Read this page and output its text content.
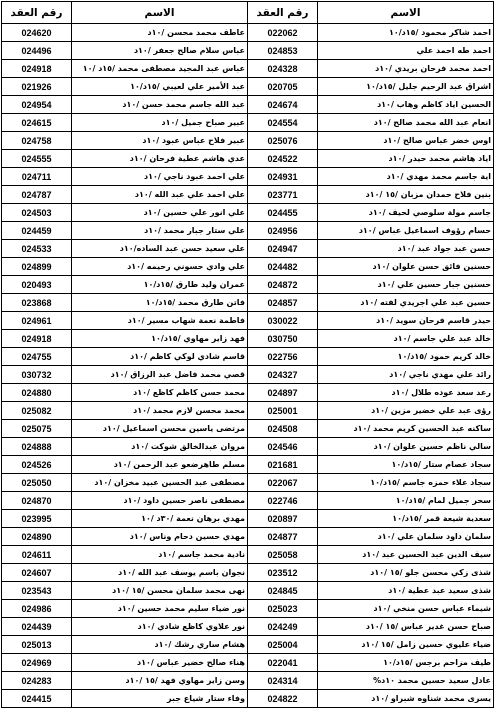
رقم العقد	الاسم	رقم العقد	الاسم
024620	عاطف محمد محسن /١٠د	022062	احمد شاكر محمود /١٥د/١٠
024496	عباس سلام صالح جعفر /١٠د	024853	احمد طه احمد علي
024918	عباس عبد المجيد مصطفى محمد /١٥د /١٠	024328	احمد محمد فرحان بريدي /١٠د
021926	عبد الأمير علي لعيبي /١٥د/١٠	020705	اشراق عبد الرحيم جليل /١٥د/١٠
024954	عبد الله جاسم محمد حسن /١٠د	024674	الحسين اياد كاظم وهاب /١٠د
024615	عبير صباح جميل /١٠د	024554	انعام عبد الله محمد صالح /١٠د
024758	عبير فلاح عباس عبود /١٠د	025076	اوس خضر عباس صالح /١٠د
024555	عدي هاشم عطية فرحان /١٠د	024522	اياد هاشم محمد حيدر /١٠د
024711	علي احمد عبود ناجي /١٠د	024931	اية جاسم محمد مهدي /١٠د
024787	علي احمد علي عبد الله /١٠د	023771	بنين فلاح حمدان مزبان /١٥ /١٠د
024503	علي انور علي حسين /١٠د	024455	جاسم مولة سلوصي لحيف /١٠د
024459	علي ستار جبار محمد /١٠د	024956	حسام رؤوف اسماعيل عباس /١٠د
024533	علي سعيد حسن عبد الساده/١٠د	024947	حسن عبد جواد عبد /١٠د
024899	علي وادي حسوني رحيمه /١٠د	024482	حسنين فائق حسن علوان /١٠د
020493	عمران وليد طارق /١٥د/١٠	024872	حسنين جبار حسين علي /١٠د
023868	فاتن طارق محمد /١٥د/١٠	024857	حسين عبد علي اجريدي لفته /١٠د
024961	فاطمة نعمة شهاب مسير /١٠د	030022	حيدر قاسم فرحان سويد /١٠د
024918	فهد زاير مهاوي /١٥د/١٠	030750	خالد عبد علي جاسم /١٠د
024755	قاسم شادي لوكي كاظم /١٠د	022756	خالد كريم حمود /١٥د/١٠
030732	قصي محمد فاضل عبد الرزاق /١٠د	024327	رائد علي مهدي ناجي /١٠د
024880	محمد حسن كاظم كاظع /١٠د	024897	رعد سعد عوده طلال /١٠د
025082	محمد محسن لازم محمد /١٠د	025001	رؤى عبد علي خضير مزين /١٠د
025075	مرتضى ياسين محسن اسماعيل /١٠د	024508	ساكنه عبد الحسين كريم محمد /١٠د
024888	مروان عبدالخالق شوكت /١٠د	024546	سالي ناظم حسين علوان /١٠د
024526	مسلم طاهرضعو عبد الرحمن /١٠د	021681	سجاد عصام ستار /١٥د/١٠
025050	مصطفى عبد الحسين عبيد مخزان /١٠د	022067	سجاد علاء حمزه جاسم /١٥د/١٠
024870	مصطفى ناصر حسين داود /١٠د	022746	سحر جميل لمام /١٥د/١٠
023995	مهدي برهان نعمة /٣٠د /١٠	020897	سعدية شيعة قمر /١٥د/١٠
024890	مهدي حسين دحام وناس /١٠د	024877	سلمان داود سلمان علي /١٠د
024611	نادية محمد جاسم /١٠د	025058	سيف الدين عبد الحسين عبد /١٠د
024607	نجوان باسم يوسف عبد الله /١٠د	023512	شذى زكي محسن جلو /١٥ /١٠د
023543	نهى محمد سلمان محسن /١٥ /١٠د	024845	شذى سعيد عبد عطية /١٠د
024986	نور ضياء سليم محمد حسين /١٠د	025023	شيماء عباس حسن منخي /١٠د
024439	نور علاوي كاظع شادي /١٠د	024249	صباح حسن غدير عباس /١٥ /١٠د
025013	هشام ساري رشك /١٠د	025004	ضياء عليوي حسين زامل /١٥ /١٠د
024969	هناء صالح خضير عباس /١٠د	022041	طيف مزاحم برجس /١٥د/١٠
024283	وسن زاير مهاوي فهد /١٥ /١٠د	024314	عادل سعيد حسين محمد ١٠د%
024415	وفاء ستار شياع جبر	024822	يسرى محمد شناوه شبراو /١٠د
